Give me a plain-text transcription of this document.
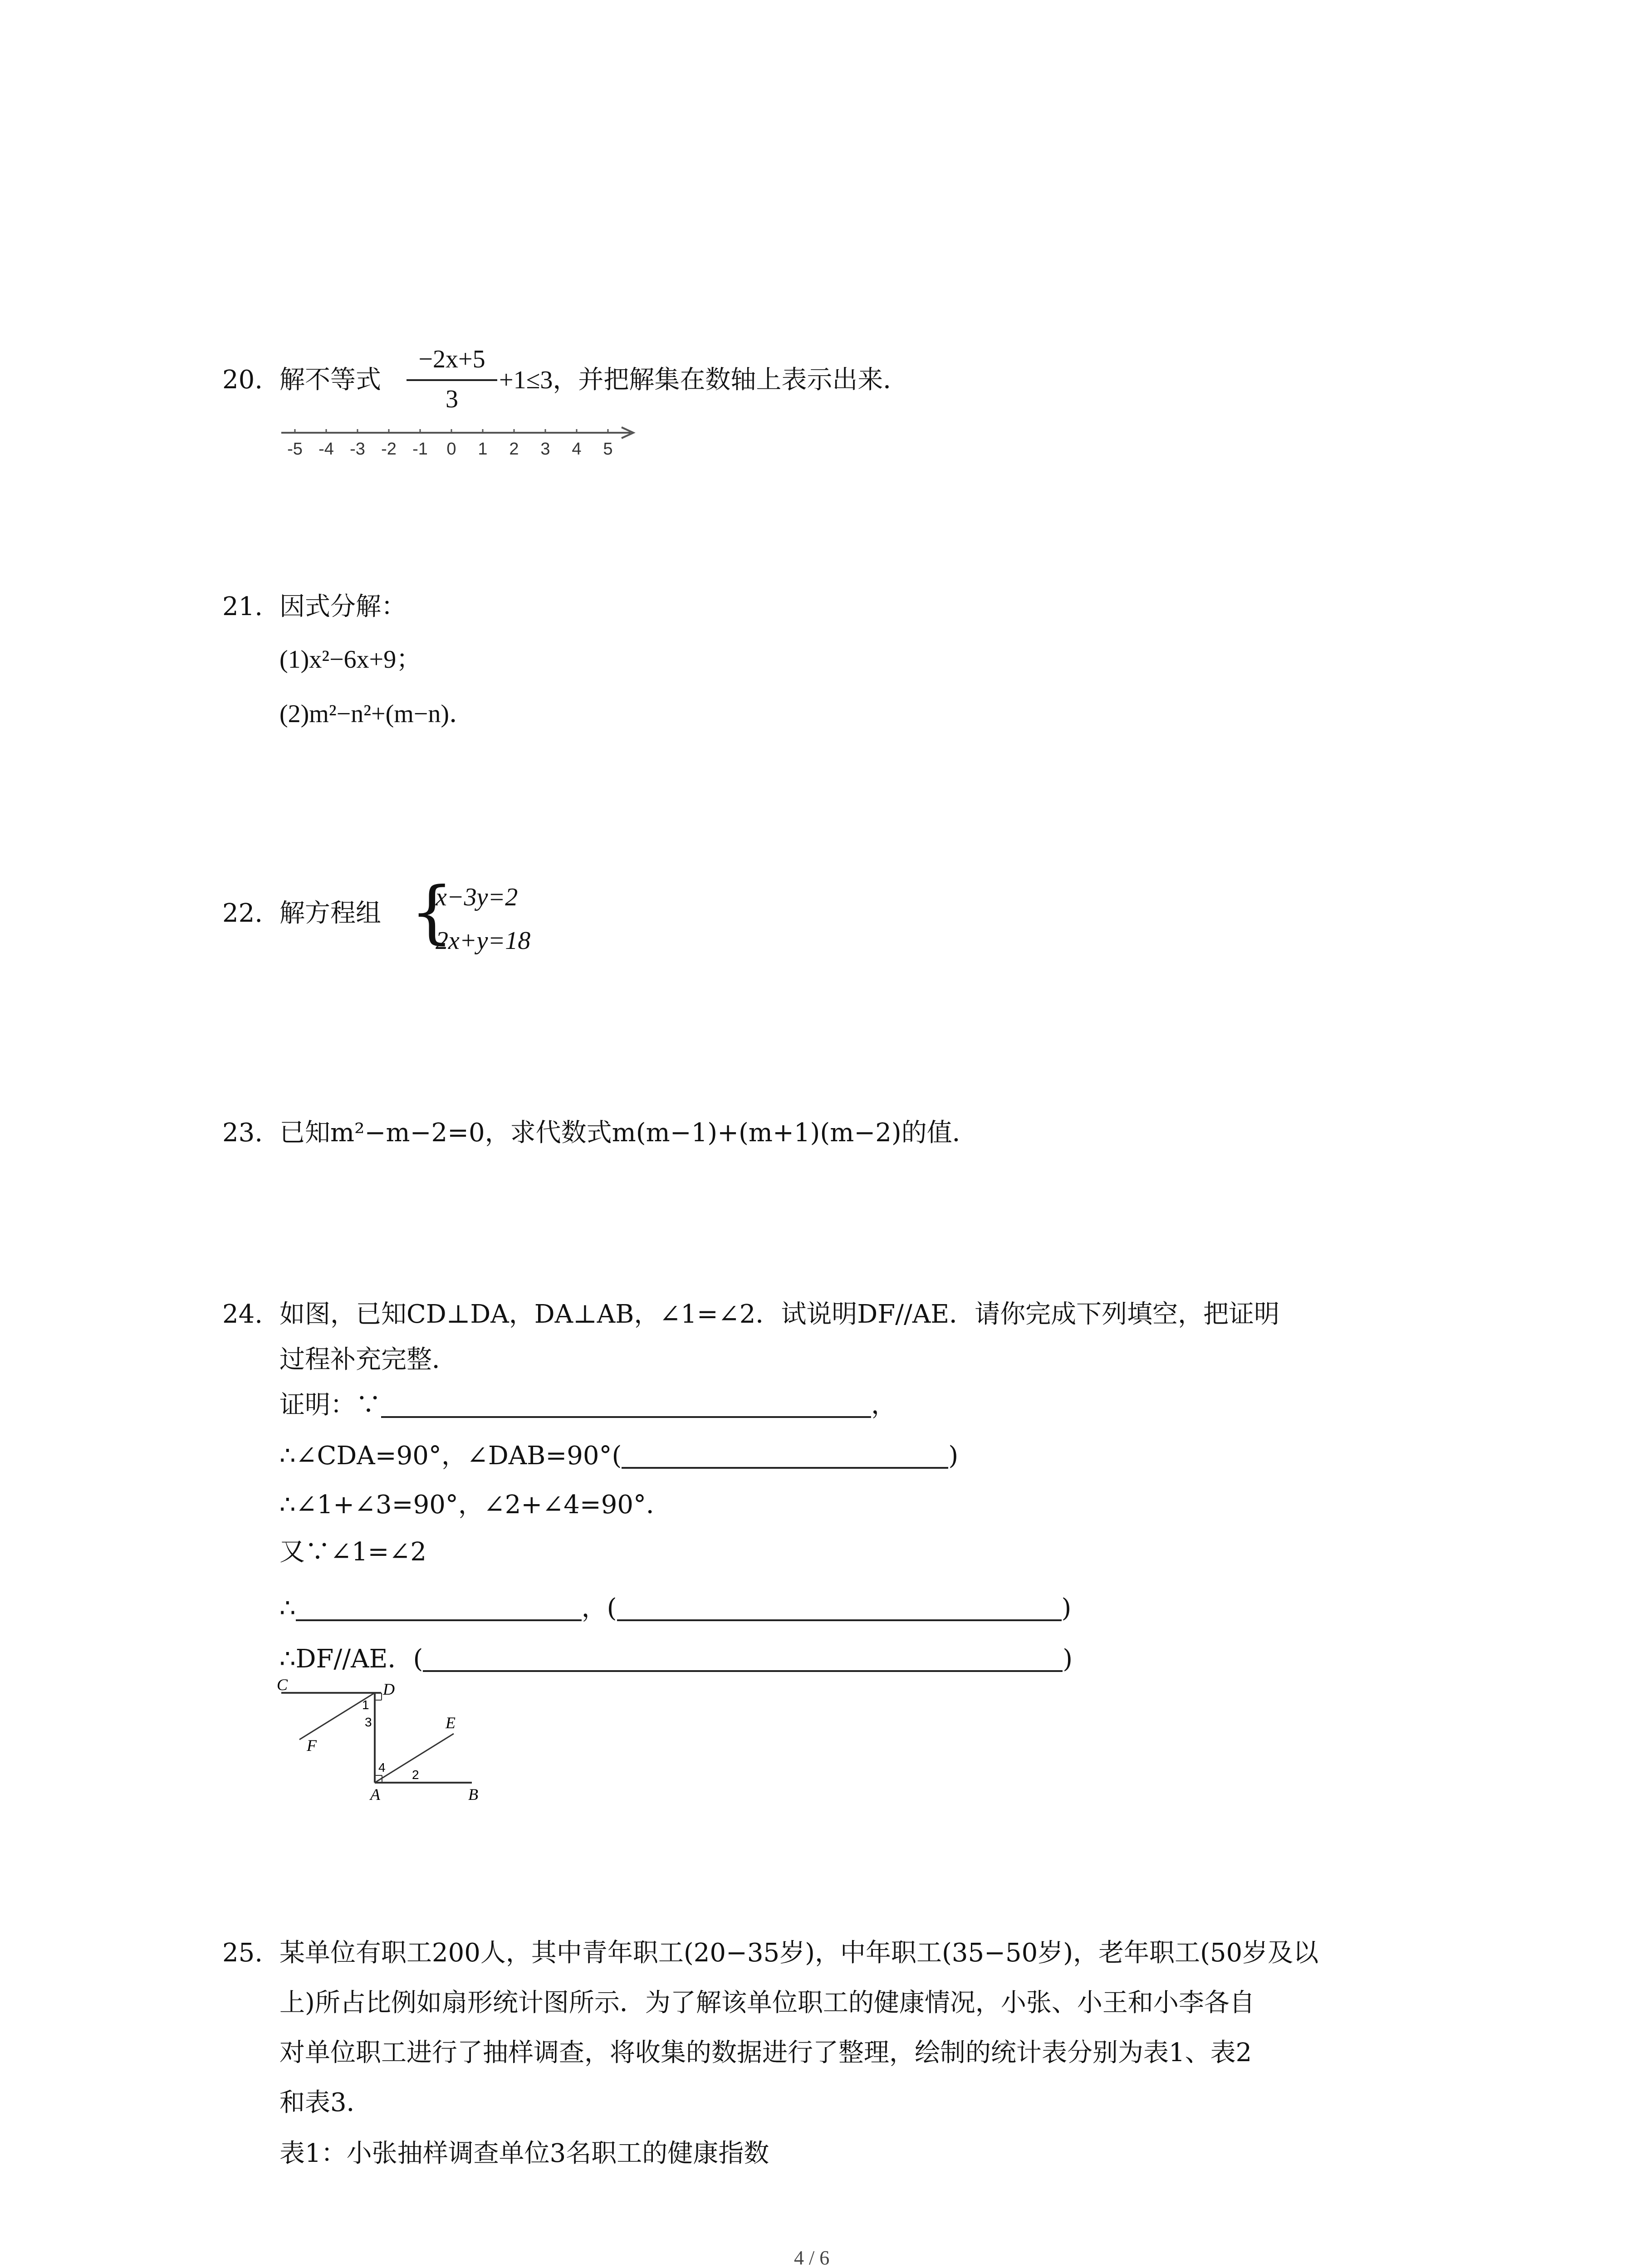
20. 解不等式
−2x+5
3
+1≤3，并把解集在数轴上表示出来．
-5 -4 -3 -2 -1 0 1 2 3 4 5
21. 因式分解：
(1)x²−6x+9；
(2)m²−n²+(m−n)．
22. 解方程组 {
x−3y=2
2x+y=18
23. 已知m²−m−2=0，求代数式m(m−1)+(m+1)(m−2)的值．
24. 如图，已知CD⊥DA，DA⊥AB，∠1=∠2．试说明DF//AE．请你完成下列填空，把证明
过程补充完整．
证明：∵	，
∴∠CDA=90°，∠DAB=90°(	)
∴∠1+∠3=90°，∠2+∠4=90°．
又∵∠1=∠2
∴	，(	)
∴DF//AE．(	)
C	D
E
F
A	B
1
3
4
2
25. 某单位有职工200人，其中青年职工(20−35岁)，中年职工(35−50岁)，老年职工(50岁及以
上)所占比例如扇形统计图所示．为了解该单位职工的健康情况，小张、小王和小李各自
对单位职工进行了抽样调查，将收集的数据进行了整理，绘制的统计表分别为表1、表2
和表3．
表1：小张抽样调查单位3名职工的健康指数
4 / 6
